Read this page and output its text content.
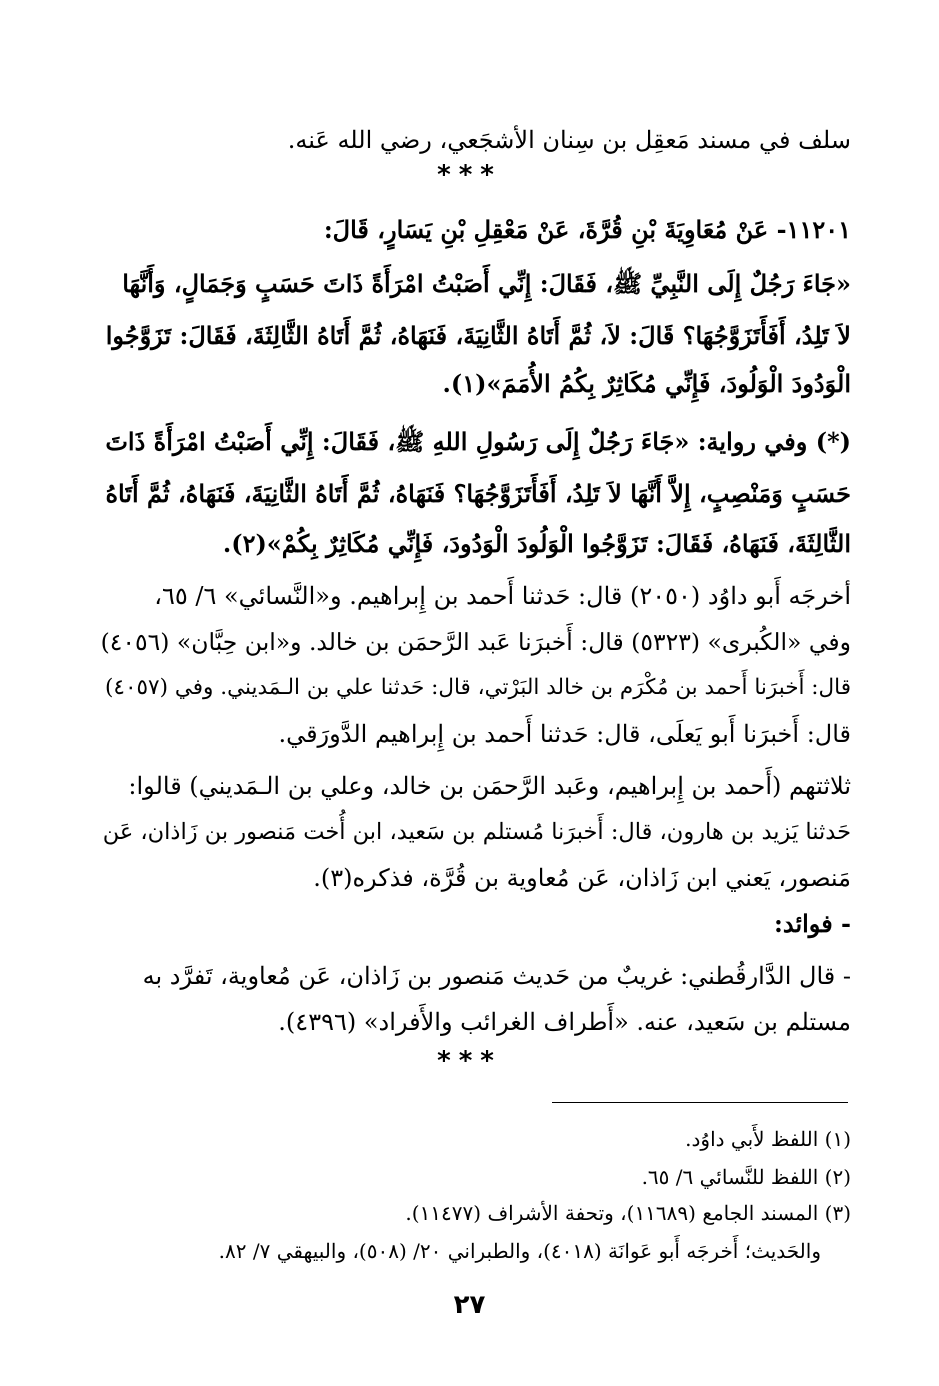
سلف في مسند مَعقِل بن سِنان الأشجَعي، رضي الله عَنه.
***
١١٢٠١- عَنْ مُعَاوِيَةَ بْنِ قُرَّةَ، عَنْ مَعْقِلِ بْنِ يَسَارٍ، قَالَ:
«جَاءَ رَجُلٌ إِلَى النَّبِيِّ ﷺ، فَقَالَ: إِنِّي أَصَبْتُ امْرَأَةً ذَاتَ حَسَبٍ وَجَمَالٍ، وَأَنَّهَا
لاَ تَلِدُ، أَفَأَتَزَوَّجُهَا؟ قَالَ: لاَ، ثُمَّ أَتَاهُ الثَّانِيَةَ، فَنَهَاهُ، ثُمَّ أَتَاهُ الثَّالِثَةَ، فَقَالَ: تَزَوَّجُوا
الْوَدُودَ الْوَلُودَ، فَإِنِّي مُكَاثِرٌ بِكُمُ الأُمَمَ»(١).
(*) وفي رواية: «جَاءَ رَجُلٌ إِلَى رَسُولِ اللهِ ﷺ، فَقَالَ: إِنِّي أَصَبْتُ امْرَأَةً ذَاتَ
حَسَبٍ وَمَنْصِبٍ، إِلاَّ أَنَّهَا لاَ تَلِدُ، أَفَأَتَزَوَّجُهَا؟ فَنَهَاهُ، ثُمَّ أَتَاهُ الثَّانِيَةَ، فَنَهَاهُ، ثُمَّ أَتَاهُ
الثَّالِثَةَ، فَنَهَاهُ، فَقَالَ: تَزَوَّجُوا الْوَلُودَ الْوَدُودَ، فَإِنِّي مُكَاثِرٌ بِكُمْ»(٢).
أخرجَه أَبو داوُد (٢٠٥٠) قال: حَدثنا أَحمد بن إِبراهيم. و«النَّسائي» ٦/ ٦٥،
وفي «الكُبرى» (٥٣٢٣) قال: أَخبرَنا عَبد الرَّحمَن بن خالد. و«ابن حِبَّان» (٤٠٥٦)
قال: أَخبرَنا أَحمد بن مُكْرَم بن خالد البَرْتي، قال: حَدثنا علي بن الـمَديني. وفي (٤٠٥٧)
قال: أَخبرَنا أَبو يَعلَى، قال: حَدثنا أَحمد بن إِبراهيم الدَّورَقي.
ثلاثتهم (أَحمد بن إِبراهيم، وعَبد الرَّحمَن بن خالد، وعلي بن الـمَديني) قالوا:
حَدثنا يَزيد بن هارون، قال: أَخبرَنا مُستلم بن سَعيد، ابن أُخت مَنصور بن زَاذان، عَن
مَنصور، يَعني ابن زَاذان، عَن مُعاوية بن قُرَّة، فذكره(٣).
- فوائد:
- قال الدَّارقُطني: غريبٌ من حَديث مَنصور بن زَاذان، عَن مُعاوية، تَفرَّد به
مستلم بن سَعيد، عنه. «أَطراف الغرائب والأَفراد» (٤٣٩٦).
***
(١) اللفظ لأَبي داوُد.
(٢) اللفظ للنَّسائي ٦/ ٦٥.
(٣) المسند الجامع (١١٦٨٩)، وتحفة الأشراف (١١٤٧٧).
والحَديث؛ أَخرجَه أَبو عَوانَة (٤٠١٨)، والطبراني ٢٠/ (٥٠٨)، والبيهقي ٧/ ٨٢.
٢٧
